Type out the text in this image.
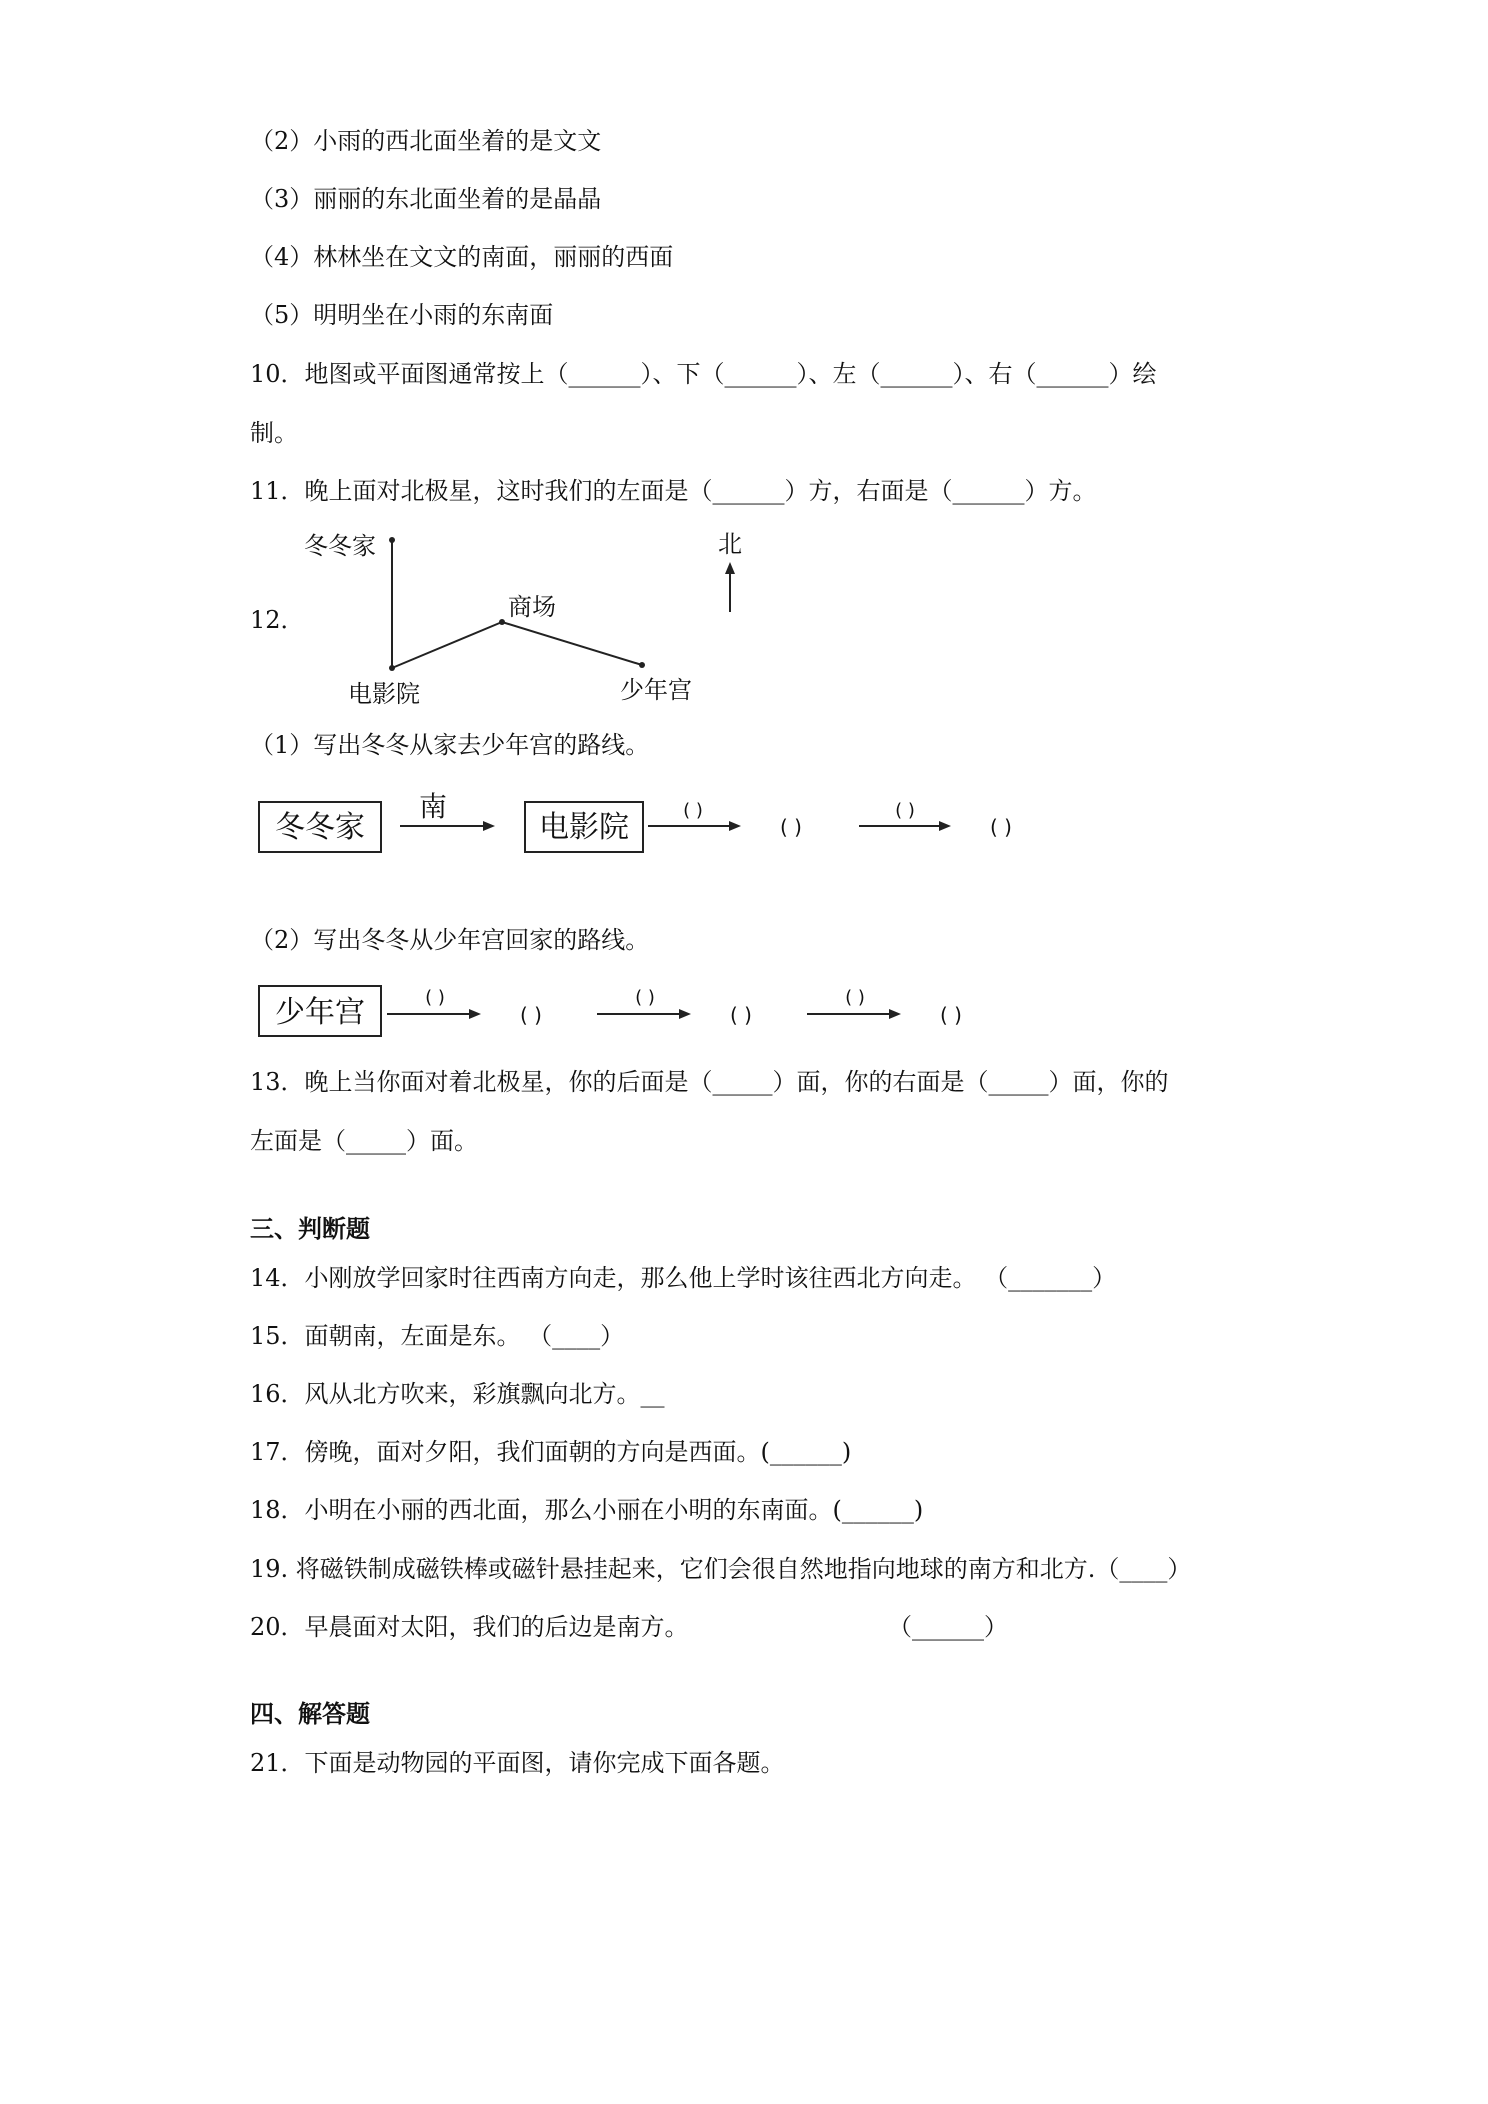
（2）小雨的西北面坐着的是文文
（3）丽丽的东北面坐着的是晶晶
（4）林林坐在文文的南面，丽丽的西面
（5）明明坐在小雨的东南面
10．地图或平面图通常按上（______）、下（______）、左（______）、右（______）绘
制。
11．晚上面对北极星，这时我们的左面是（______）方，右面是（______）方。
12．
冬冬家
电影院
商场
少年宫
北
（1）写出冬冬从家去少年宫的路线。
冬冬家
南
电影院	( )
( )
( )
( )
（2）写出冬冬从少年宫回家的路线。
少年宫	( )
( )
( )
( )
( )
( )
13．晚上当你面对着北极星，你的后面是（_____）面，你的右面是（_____）面，你的
左面是（_____）面。
三、判断题
14．小刚放学回家时往西南方向走，那么他上学时该往西北方向走。 （_______）
15．面朝南，左面是东。 （____）
16．风从北方吹来，彩旗飘向北方。__
17．傍晚，面对夕阳，我们面朝的方向是西面。(______)
18．小明在小丽的西北面，那么小丽在小明的东南面。(______)
19. 将磁铁制成磁铁棒或磁针悬挂起来，它们会很自然地指向地球的南方和北方.（____）
20．早晨面对太阳，我们的后边是南方。	（______）
四、解答题
21．下面是动物园的平面图，请你完成下面各题。
